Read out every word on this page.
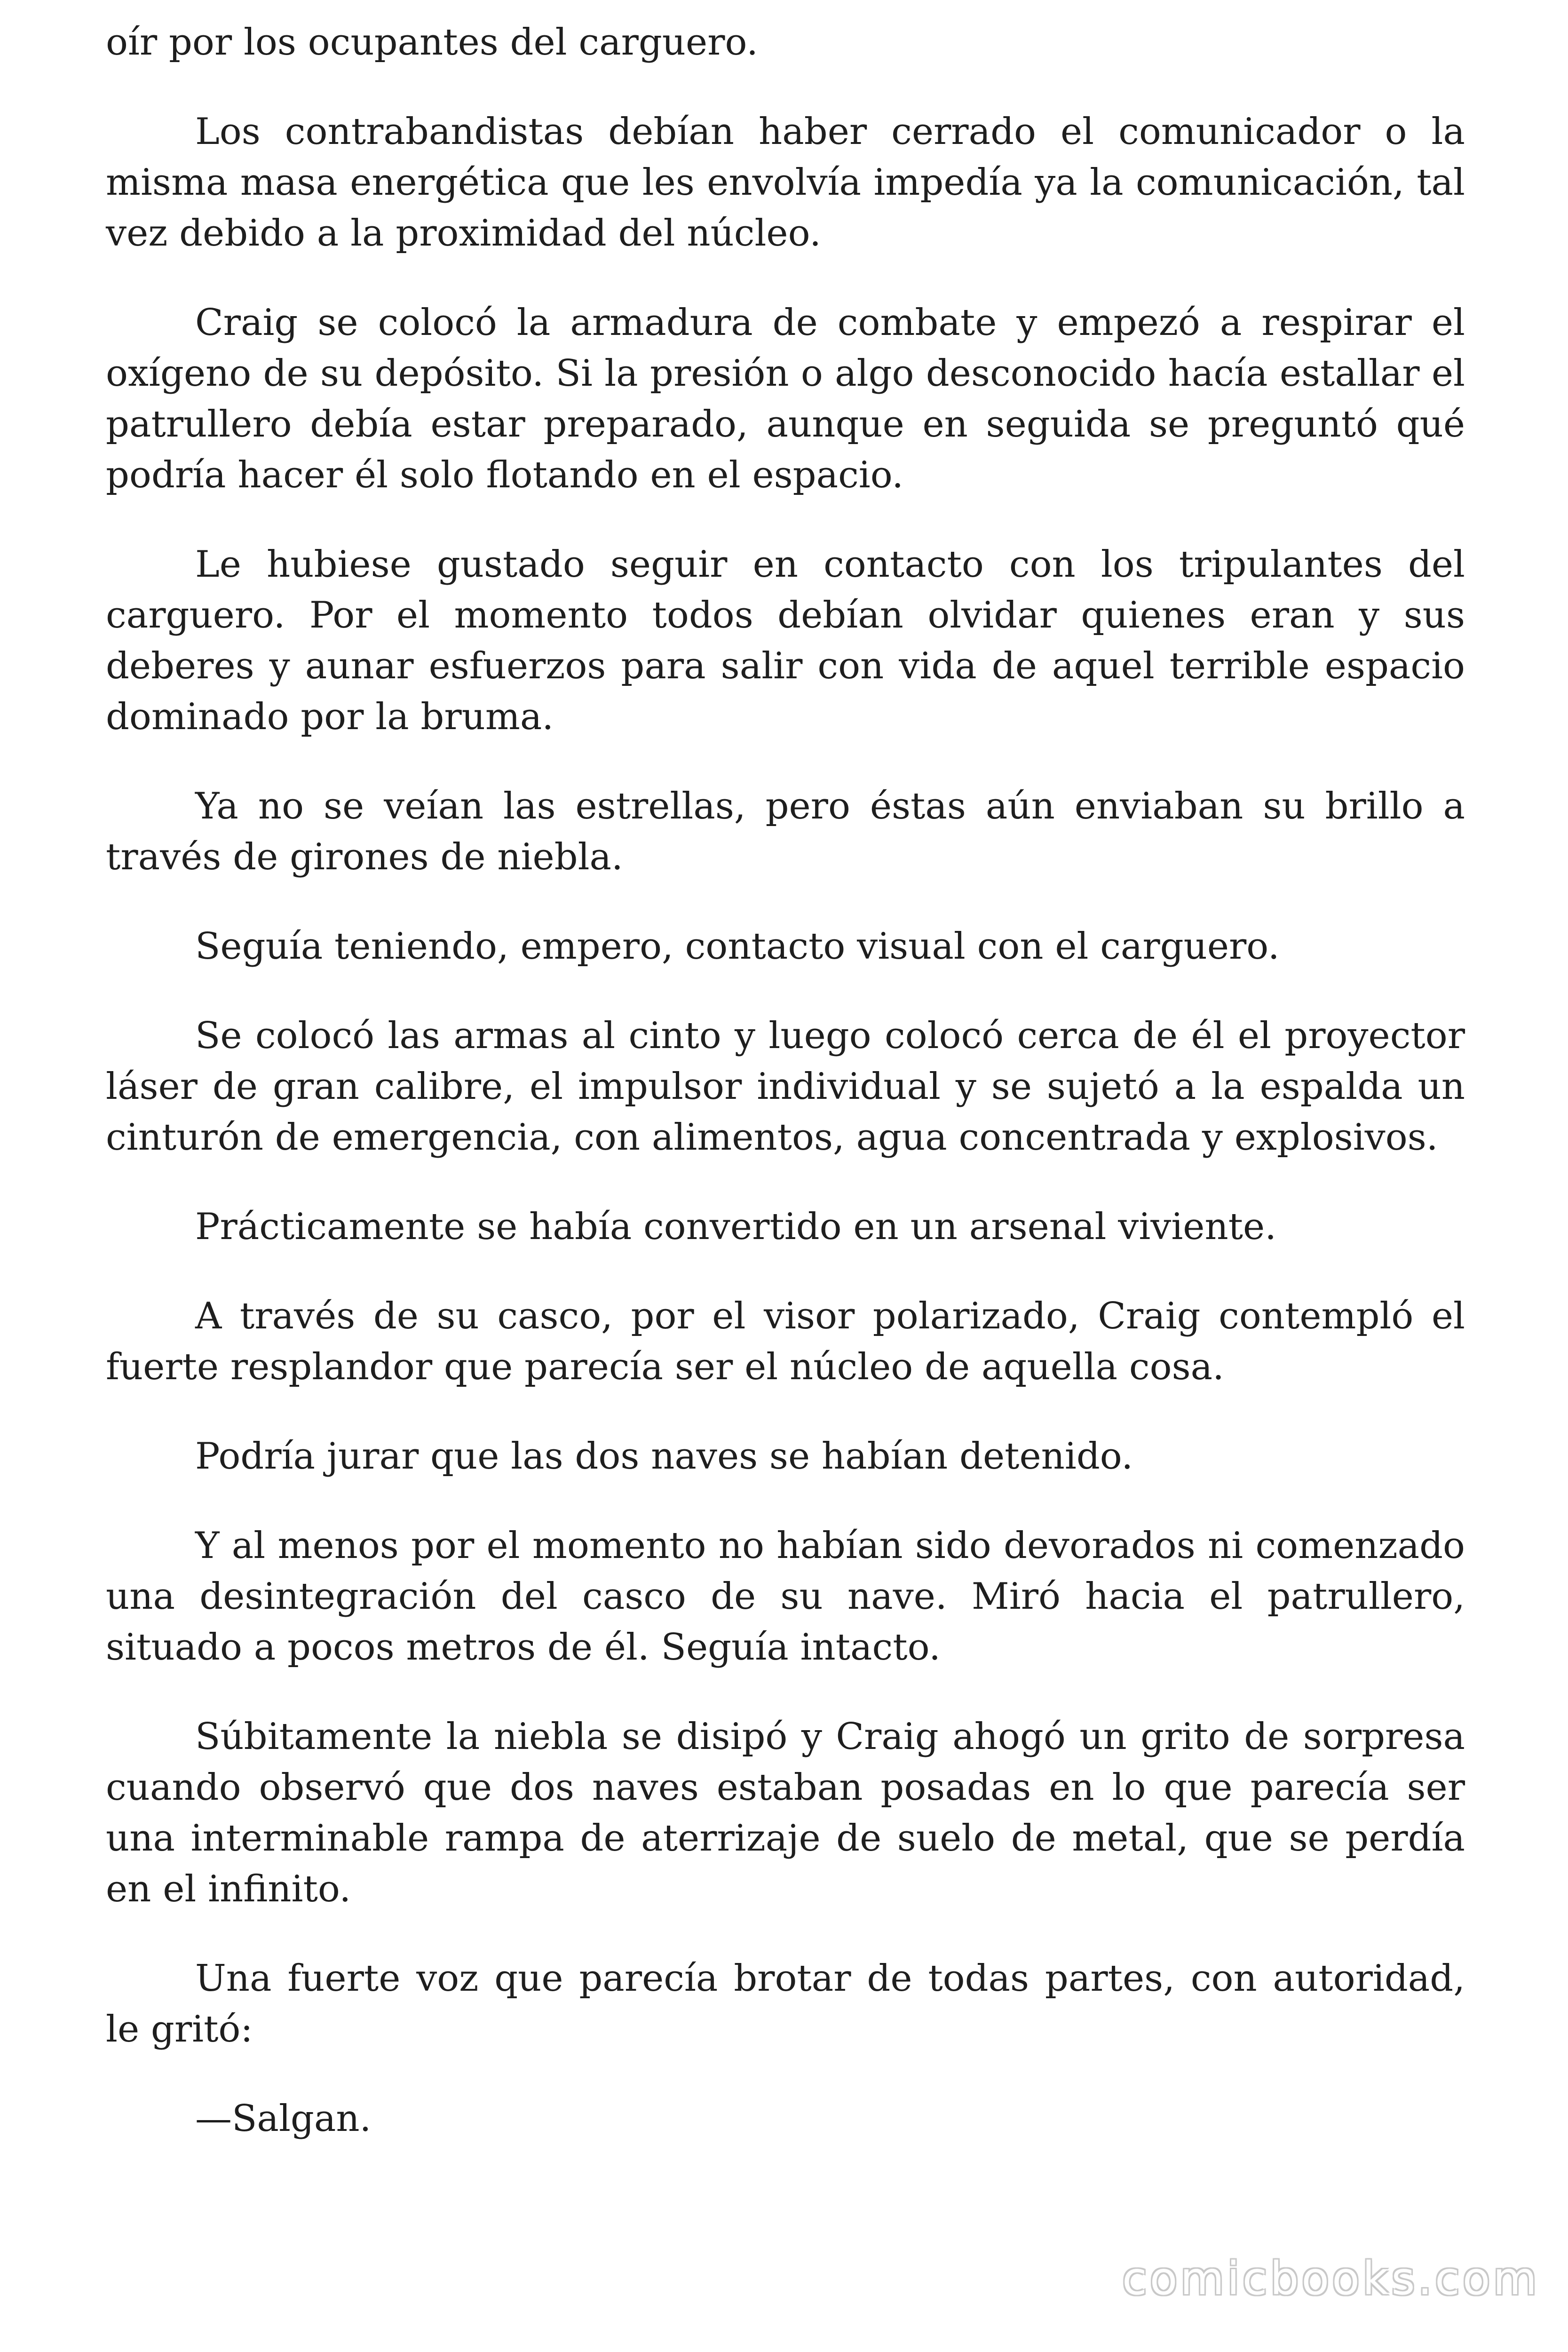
oír por los ocupantes del carguero.

Los contrabandistas debían haber cerrado el comunicador o la misma masa energética que les envolvía impedía ya la comunicación, tal vez debido a la proximidad del núcleo.

Craig se colocó la armadura de combate y empezó a respirar el oxígeno de su depósito. Si la presión o algo desconocido hacía estallar el patrullero debía estar preparado, aunque en seguida se preguntó qué podría hacer él solo flotando en el espacio.

Le hubiese gustado seguir en contacto con los tripulantes del carguero. Por el momento todos debían olvidar quienes eran y sus deberes y aunar esfuerzos para salir con vida de aquel terrible espacio dominado por la bruma.

Ya no se veían las estrellas, pero éstas aún enviaban su brillo a través de girones de niebla.

Seguía teniendo, empero, contacto visual con el carguero.

Se colocó las armas al cinto y luego colocó cerca de él el proyector láser de gran calibre, el impulsor individual y se sujetó a la espalda un cinturón de emergencia, con alimentos, agua concentrada y explosivos.

Prácticamente se había convertido en un arsenal viviente.

A través de su casco, por el visor polarizado, Craig contempló el fuerte resplandor que parecía ser el núcleo de aquella cosa.

Podría jurar que las dos naves se habían detenido.

Y al menos por el momento no habían sido devorados ni comenzado una desintegración del casco de su nave. Miró hacia el patrullero, situado a pocos metros de él. Seguía intacto.

Súbitamente la niebla se disipó y Craig ahogó un grito de sorpresa cuando observó que dos naves estaban posadas en lo que parecía ser una interminable rampa de aterrizaje de suelo de metal, que se perdía en el infinito.

Una fuerte voz que parecía brotar de todas partes, con autoridad, le gritó:

—Salgan.

comicbooks.com
